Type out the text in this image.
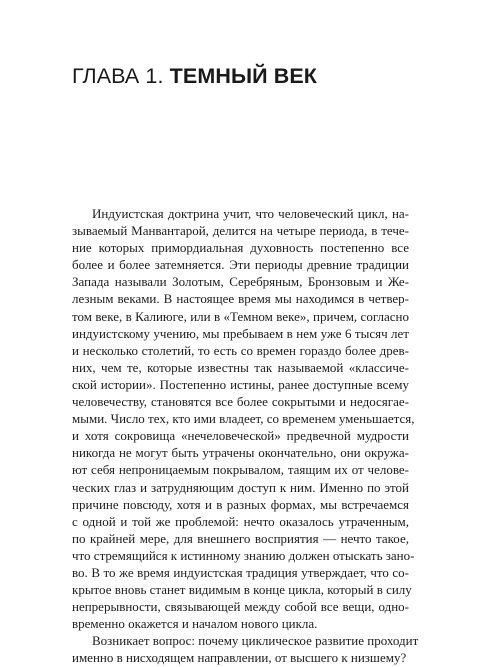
ГЛАВА 1. ТЕМНЫЙ ВЕК

Индуистская доктрина учит, что человеческий цикл, на-
зываемый Манвантарой, делится на четыре периода, в тече-
ние которых примордиальная духовность постепенно все
более и более затемняется. Эти периоды древние традиции
Запада называли Золотым, Серебряным, Бронзовым и Же-
лезным веками. В настоящее время мы находимся в четвер-
том веке, в Калиюге, или в «Темном веке», причем, согласно
индуистскому учению, мы пребываем в нем уже 6 тысяч лет
и несколько столетий, то есть со времен гораздо более древ-
них, чем те, которые известны так называемой «классиче-
ской истории». Постепенно истины, ранее доступные всему
человечеству, становятся все более сокрытыми и недосягае-
мыми. Число тех, кто ими владеет, со временем уменьшается,
и хотя сокровища «нечеловеческой» предвечной мудрости
никогда не могут быть утрачены окончательно, они окружа-
ют себя непроницаемым покрывалом, таящим их от челове-
ческих глаз и затрудняющим доступ к ним. Именно по этой
причине повсюду, хотя и в разных формах, мы встречаемся
с одной и той же проблемой: нечто оказалось утраченным,
по крайней мере, для внешнего восприятия — нечто такое,
что стремящийся к истинному знанию должен отыскать зано-
во. В то же время индуистская традиция утверждает, что со-
крытое вновь станет видимым в конце цикла, который в силу
непрерывности, связывающей между собой все вещи, одно-
временно окажется и началом нового цикла.

Возникает вопрос: почему циклическое развитие проходит
именно в нисходящем направлении, от высшего к низшему?
